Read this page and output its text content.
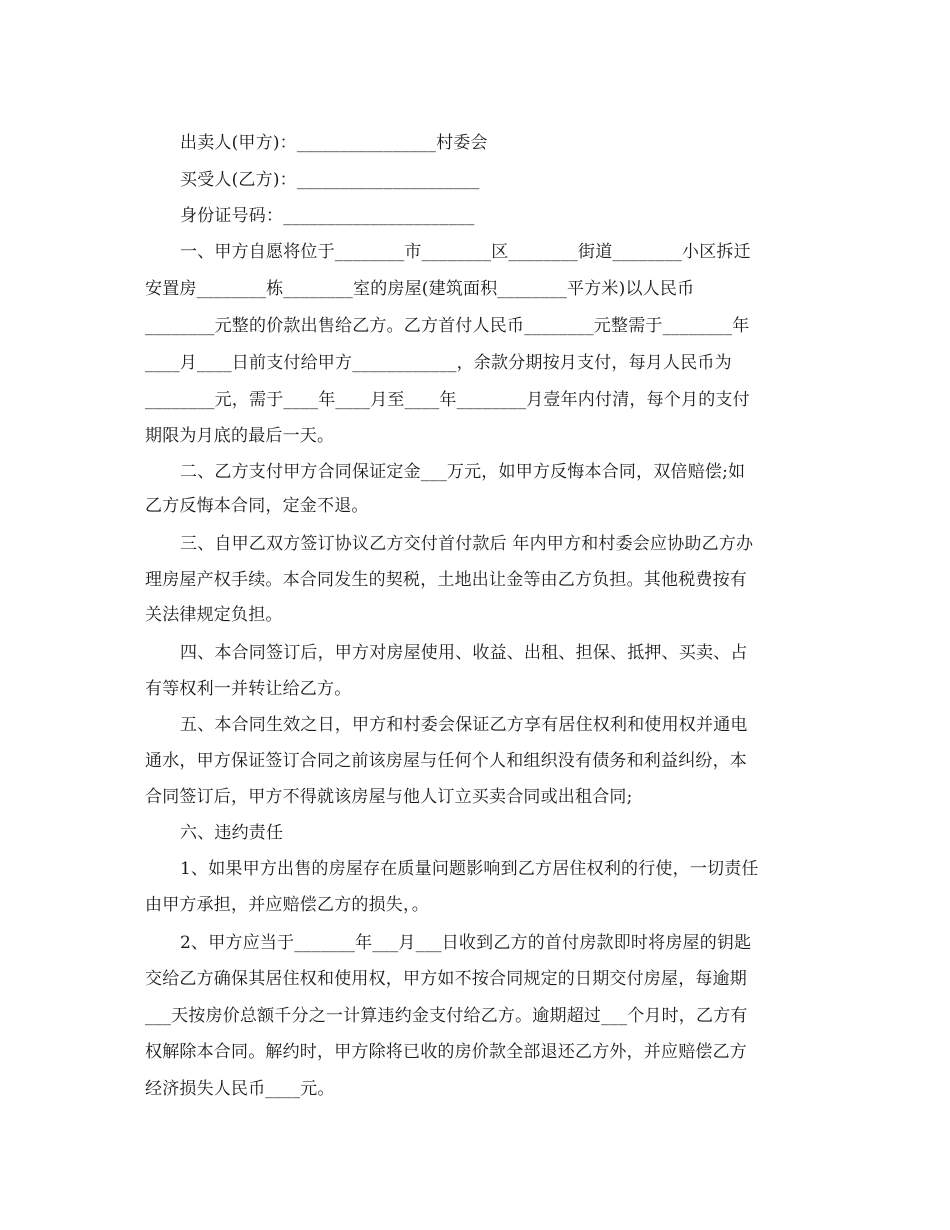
出卖人(甲方)：________________村委会
买受人(乙方)：_____________________
身份证号码：______________________
一、甲方自愿将位于________市________区________街道________小区拆迁
安置房________栋________室的房屋(建筑面积________平方米)以人民币
________元整的价款出售给乙方。乙方首付人民币________元整需于________年
____月____日前支付给甲方____________，余款分期按月支付，每月人民币为
________元，需于____年____月至____年________月壹年内付清，每个月的支付
期限为月底的最后一天。
二、乙方支付甲方合同保证定金___万元，如甲方反悔本合同，双倍赔偿;如
乙方反悔本合同，定金不退。
三、自甲乙双方签订协议乙方交付首付款后 年内甲方和村委会应协助乙方办
理房屋产权手续。本合同发生的契税，土地出让金等由乙方负担。其他税费按有
关法律规定负担。
四、本合同签订后，甲方对房屋使用、收益、出租、担保、抵押、买卖、占
有等权利一并转让给乙方。
五、本合同生效之日，甲方和村委会保证乙方享有居住权利和使用权并通电
通水，甲方保证签订合同之前该房屋与任何个人和组织没有债务和利益纠纷，本
合同签订后，甲方不得就该房屋与他人订立买卖合同或出租合同;
六、违约责任
1、如果甲方出售的房屋存在质量问题影响到乙方居住权利的行使，一切责任
由甲方承担，并应赔偿乙方的损失，。
2、甲方应当于_______年___月___日收到乙方的首付房款即时将房屋的钥匙
交给乙方确保其居住权和使用权，甲方如不按合同规定的日期交付房屋，每逾期
___天按房价总额千分之一计算违约金支付给乙方。逾期超过___个月时，乙方有
权解除本合同。解约时，甲方除将已收的房价款全部退还乙方外，并应赔偿乙方
经济损失人民币____元。
